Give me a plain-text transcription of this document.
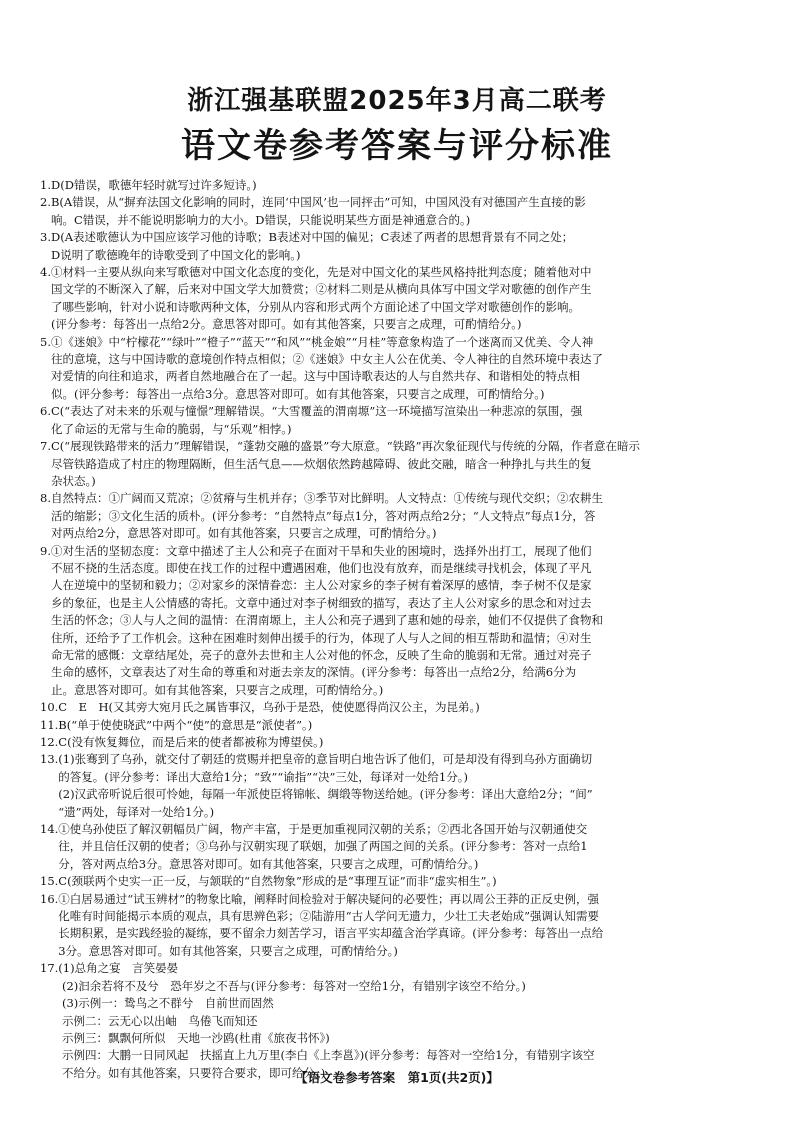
浙江强基联盟2025年3月高二联考
语文卷参考答案与评分标准
1. D(D错误，歌德年轻时就写过许多短诗。)
2. B(A错误，从“摒弃法国文化影响的同时，连同‘中国风’也一同抨击”可知，中国风没有对德国产生直接的影
响。C错误，并不能说明影响力的大小。D错误，只能说明某些方面是神通意合的。)
3. D(A表述歌德认为中国应该学习他的诗歌；B表述对中国的偏见；C表述了两者的思想背景有不同之处；
D说明了歌德晚年的诗歌受到了中国文化的影响。)
4. ①材料一主要从纵向来写歌德对中国文化态度的变化，先是对中国文化的某些风格持批判态度；随着他对中
国文学的不断深入了解，后来对中国文学大加赞赏；②材料二则是从横向具体写中国文学对歌德的创作产生
了哪些影响，针对小说和诗歌两种文体，分别从内容和形式两个方面论述了中国文学对歌德创作的影响。
(评分参考：每答出一点给2分。意思答对即可。如有其他答案，只要言之成理，可酌情给分。)
5. ①《迷娘》中“柠檬花”“绿叶”“橙子”“蓝天”“和风”“桃金娘”“月桂”等意象构造了一个迷离而又优美、令人神
往的意境，这与中国诗歌的意境创作特点相似；②《迷娘》中女主人公在优美、令人神往的自然环境中表达了
对爱情的向往和追求，两者自然地融合在了一起。这与中国诗歌表达的人与自然共存、和谐相处的特点相
似。(评分参考：每答出一点给3分。意思答对即可。如有其他答案，只要言之成理，可酌情给分。)
6. C(“表达了对未来的乐观与憧憬”理解错误。“大雪覆盖的渭南塬”这一环境描写渲染出一种悲凉的氛围，强
化了命运的无常与生命的脆弱，与“乐观”相悖。)
7. C(“展现铁路带来的活力”理解错误，“蓬勃交融的盛景”夸大原意。“铁路”再次象征现代与传统的分隔，作者意在暗示
尽管铁路造成了村庄的物理隔断，但生活气息——炊烟依然跨越障碍、彼此交融，暗含一种挣扎与共生的复
杂状态。)
8. 自然特点：①广阔而又荒凉；②贫瘠与生机并存；③季节对比鲜明。人文特点：①传统与现代交织；②农耕生
活的缩影；③文化生活的质朴。(评分参考：“自然特点”每点1分，答对两点给2分；“人文特点”每点1分，答
对两点给2分，意思答对即可。如有其他答案，只要言之成理，可酌情给分。)
9. ①对生活的坚韧态度：文章中描述了主人公和亮子在面对干旱和失业的困境时，选择外出打工，展现了他们
不屈不挠的生活态度。即使在找工作的过程中遭遇困难，他们也没有放弃，而是继续寻找机会，体现了平凡
人在逆境中的坚韧和毅力；②对家乡的深情眷恋：主人公对家乡的李子树有着深厚的感情，李子树不仅是家
乡的象征，也是主人公情感的寄托。文章中通过对李子树细致的描写，表达了主人公对家乡的思念和对过去
生活的怀念；③人与人之间的温情：在渭南塬上，主人公和亮子遇到了惠和她的母亲，她们不仅提供了食物和
住所，还给予了工作机会。这种在困难时刻伸出援手的行为，体现了人与人之间的相互帮助和温情；④对生
命无常的感慨：文章结尾处，亮子的意外去世和主人公对他的怀念，反映了生命的脆弱和无常。通过对亮子
生命的感怀，文章表达了对生命的尊重和对逝去亲友的深情。(评分参考：每答出一点给2分，给满6分为
止。意思答对即可。如有其他答案，只要言之成理，可酌情给分。)
10. C　E　H(又其旁大宛月氏之属皆事汉，乌孙于是恐，使使愿得尚汉公主，为昆弟。)
11. B(“单于使使晓武”中两个“使”的意思是“派使者”。)
12. C(没有恢复舞位，而是后来的使者都被称为博望侯。)
13. (1)张骞到了乌孙，就交付了朝廷的赏赐并把皇帝的意旨明白地告诉了他们，可是却没有得到乌孙方面确切
的答复。(评分参考：译出大意给1分；“致”“谕指”“决”三处，每译对一处给1分。)
(2)汉武帝听说后很可怜她，每隔一年派使臣将锦帐、绸缎等物送给她。(评分参考：译出大意给2分；“间”
“遗”两处，每译对一处给1分。)
14. ①使乌孙使臣了解汉朝幅员广阔，物产丰富，于是更加重视同汉朝的关系；②西北各国开始与汉朝通使交
往，并且信任汉朝的使者；③乌孙与汉朝实现了联姻，加强了两国之间的关系。(评分参考：答对一点给1
分，答对两点给3分。意思答对即可。如有其他答案，只要言之成理，可酌情给分。)
15. C(颈联两个史实一正一反，与颔联的“自然物象”形成的是“事理互证”而非“虚实相生”。)
16. ①白居易通过“试玉辨材”的物象比喻，阐释时间检验对于解决疑问的必要性；再以周公王莽的正反史例，强
化唯有时间能揭示本质的观点，具有思辨色彩；②陆游用“古人学问无遗力，少壮工夫老始成”强调认知需要
长期积累，是实践经验的凝练，要不留余力刻苦学习，语言平实却蕴含治学真谛。(评分参考：每答出一点给
3分。意思答对即可。如有其他答案，只要言之成理，可酌情给分。)
17. (1)总角之宴　言笑晏晏
(2)汩余若将不及兮　恐年岁之不吾与(评分参考：每答对一空给1分，有错别字该空不给分。)
(3)示例一：鸷鸟之不群兮　自前世而固然
示例二：云无心以出岫　鸟倦飞而知还
示例三：飘飘何所似　天地一沙鸥(杜甫《旅夜书怀》)
示例四：大鹏一日同风起　扶摇直上九万里(李白《上李邕》)(评分参考：每答对一空给1分，有错别字该空
不给分。如有其他答案，只要符合要求，即可给分。)
【语文卷参考答案　第1页(共2页)】
